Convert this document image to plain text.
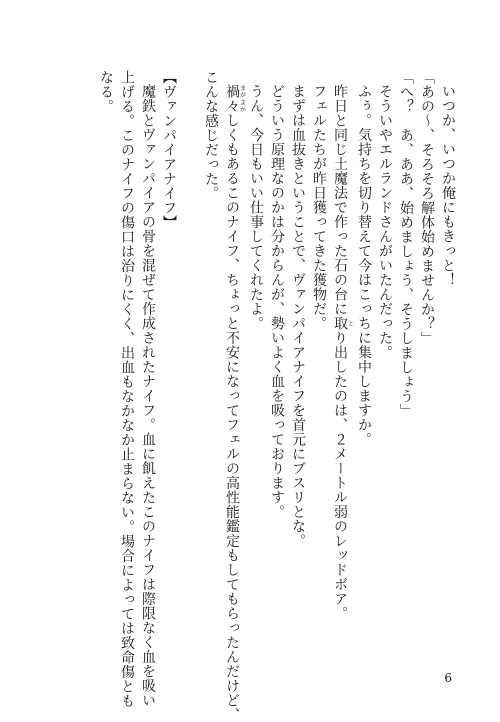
いつか、いつか俺にもきっと！
「あの〜、そろそろ解体始めませんか？」
「へ？　あ、ああ、始めましょう、そうしましょう」
そういやエルランドさんがいたんだった。
ふぅ。気持ちを切り替えて今はこっちに集中しますか。
昨日と同じ土魔法で作った石の台に取とり出したのは、２メートル弱のレッドボア。
フェルたちが昨日獲ってきた獲物だ。
まずは血抜きということで、ヴァンパイアナイフを首元にブスリとな。
どういう原理なのかは分からんが、勢いよく血を吸っております。
うん、今日もいい仕事してくれたよ。
禍々まがまがしくもあるこのナイフ、ちょっと不安になってフェルの高性能鑑定もしてもらったんだけど、
こんな感じだった。
【ヴァンパイアナイフ】
魔鉄とヴァンパイアの骨を混ぜて作成されたナイフ。血に飢えたこのナイフは際限なく血を吸い
上げる。このナイフの傷口は治りにくく、出血もなかなか止まらない。場合によっては致命傷とも
なる。
6
